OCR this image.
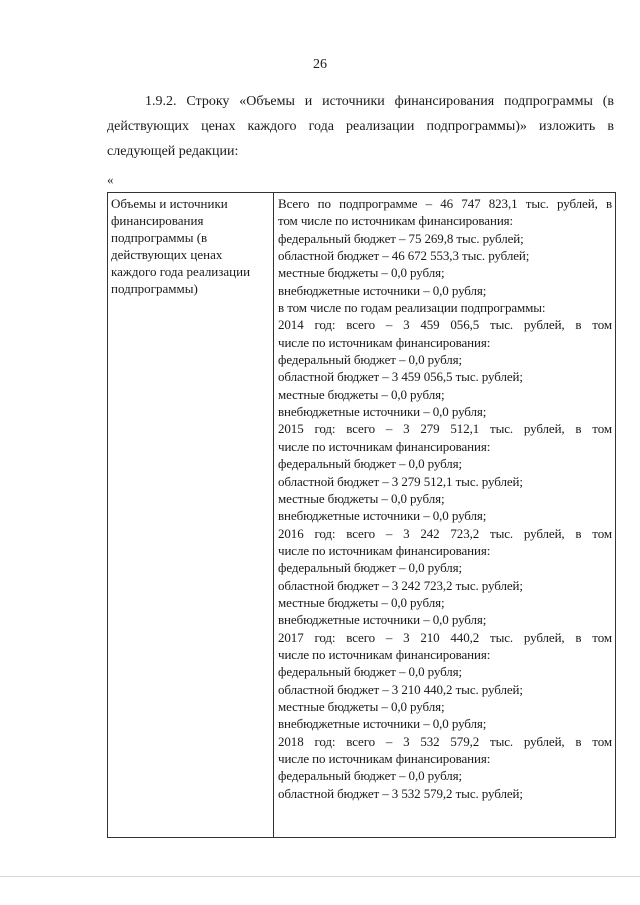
26
1.9.2. Строку «Объемы и источники финансирования подпрограммы (в действующих ценах каждого года реализации подпрограммы)» изложить в следующей редакции:
«
Объемы и источники
финансирования
подпрограммы (в
действующих ценах
каждого года реализации
подпрограммы)
Всего по подпрограмме – 46 747 823,1 тыс. рублей, в
том числе по источникам финансирования:
федеральный бюджет – 75 269,8 тыс. рублей;
областной бюджет – 46 672 553,3 тыс. рублей;
местные бюджеты – 0,0 рубля;
внебюджетные источники – 0,0 рубля;
в том числе по годам реализации подпрограммы:
2014 год: всего – 3 459 056,5 тыс. рублей, в том
числе по источникам финансирования:
федеральный бюджет – 0,0 рубля;
областной бюджет – 3 459 056,5 тыс. рублей;
местные бюджеты – 0,0 рубля;
внебюджетные источники – 0,0 рубля;
2015 год: всего – 3 279 512,1 тыс. рублей, в том
числе по источникам финансирования:
федеральный бюджет – 0,0 рубля;
областной бюджет – 3 279 512,1 тыс. рублей;
местные бюджеты – 0,0 рубля;
внебюджетные источники – 0,0 рубля;
2016 год: всего – 3 242 723,2 тыс. рублей, в том
числе по источникам финансирования:
федеральный бюджет – 0,0 рубля;
областной бюджет – 3 242 723,2 тыс. рублей;
местные бюджеты – 0,0 рубля;
внебюджетные источники – 0,0 рубля;
2017 год: всего – 3 210 440,2 тыс. рублей, в том
числе по источникам финансирования:
федеральный бюджет – 0,0 рубля;
областной бюджет – 3 210 440,2 тыс. рублей;
местные бюджеты – 0,0 рубля;
внебюджетные источники – 0,0 рубля;
2018 год: всего – 3 532 579,2 тыс. рублей, в том
числе по источникам финансирования:
федеральный бюджет – 0,0 рубля;
областной бюджет – 3 532 579,2 тыс. рублей;
